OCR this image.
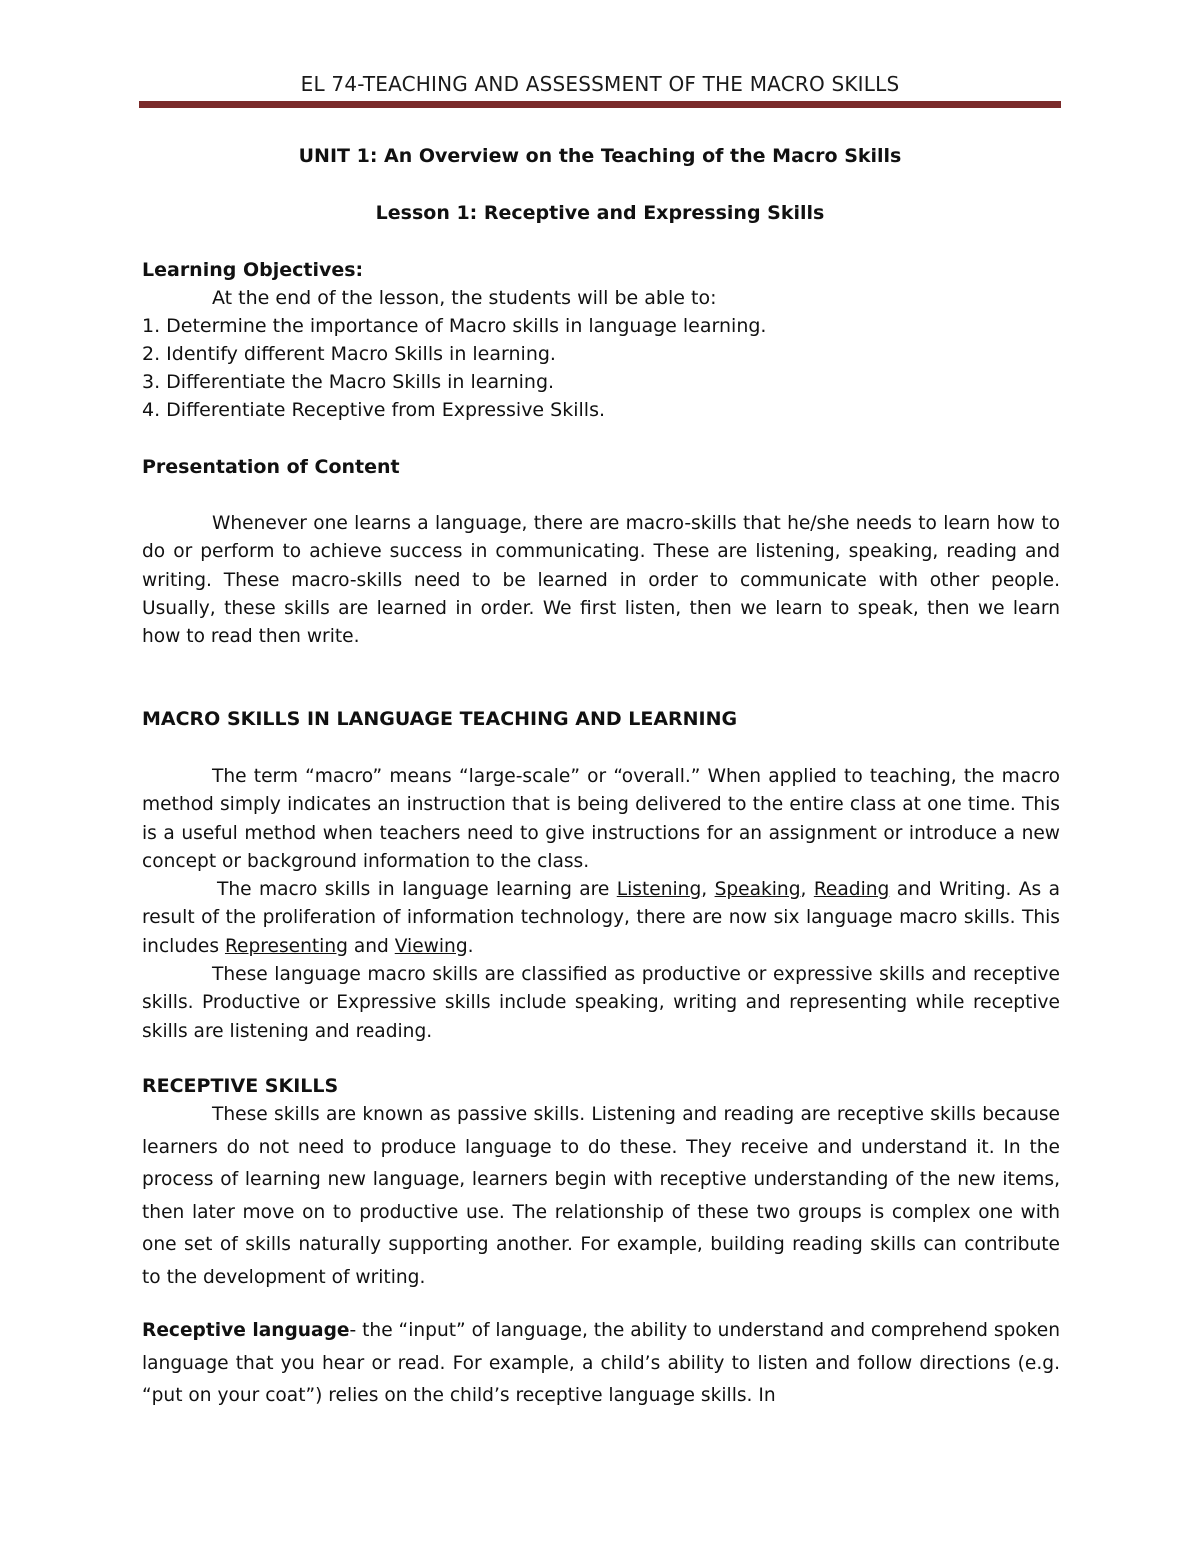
EL 74-TEACHING AND ASSESSMENT OF THE MACRO SKILLS
UNIT 1: An Overview on the Teaching of the Macro Skills
Lesson 1: Receptive and Expressing Skills
Learning Objectives:
At the end of the lesson, the students will be able to:
1. Determine the importance of Macro skills in language learning.
2. Identify different Macro Skills in learning.
3. Differentiate the Macro Skills in learning.
4. Differentiate Receptive from Expressive Skills.
Presentation of Content

Whenever one learns a language, there are macro-skills that he/she needs to learn how to do or perform to achieve success in communicating. These are listening, speaking, reading and writing. These macro-skills need to be learned in order to communicate with other people. Usually, these skills are learned in order. We first listen, then we learn to speak, then we learn how to read then write.

MACRO SKILLS IN LANGUAGE TEACHING AND LEARNING

The term “macro” means “large-scale” or “overall.” When applied to teaching, the macro method simply indicates an instruction that is being delivered to the entire class at one time. This is a useful method when teachers need to give instructions for an assignment or introduce a new concept or background information to the class.

The macro skills in language learning are Listening, Speaking, Reading and Writing. As a result of the proliferation of information technology, there are now six language macro skills. This includes Representing and Viewing.

These language macro skills are classified as productive or expressive skills and receptive skills. Productive or Expressive skills include speaking, writing and representing while receptive skills are listening and reading.

RECEPTIVE SKILLS

These skills are known as passive skills. Listening and reading are receptive skills because learners do not need to produce language to do these. They receive and understand it. In the process of learning new language, learners begin with receptive understanding of the new items, then later move on to productive use. The relationship of these two groups is complex one with one set of skills naturally supporting another. For example, building reading skills can contribute to the development of writing.

Receptive language- the “input” of language, the ability to understand and comprehend spoken language that you hear or read. For example, a child’s ability to listen and follow directions (e.g. “put on your coat”) relies on the child’s receptive language skills. In
